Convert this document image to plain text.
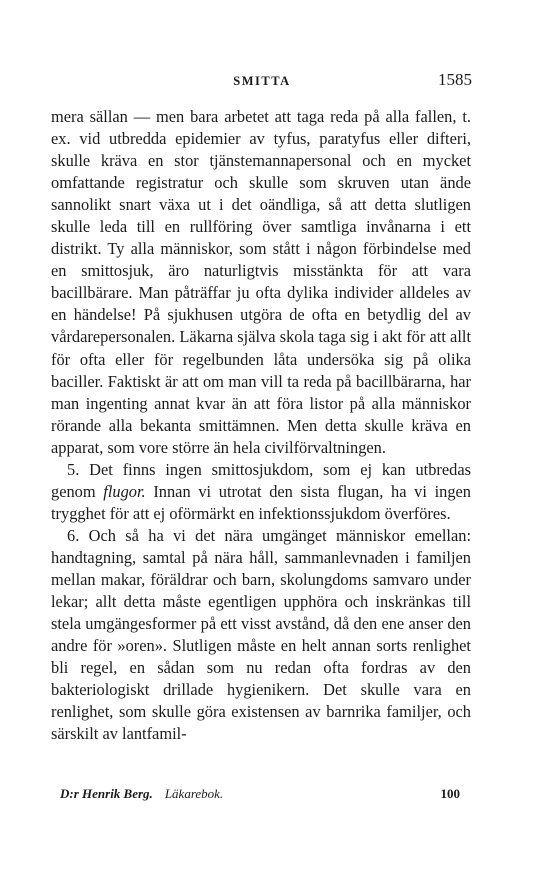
SMITTA	1585

mera sällan — men bara arbetet att taga reda på alla fallen, t. ex. vid utbredda epidemier av tyfus, paratyfus eller difteri, skulle kräva en stor tjänstemannapersonal och en mycket omfattande registratur och skulle som skruven utan ände sannolikt snart växa ut i det oändliga, så att detta slutligen skulle leda till en rullföring över samtliga invånarna i ett distrikt. Ty alla människor, som stått i någon förbindelse med en smittosjuk, äro naturligtvis misstänkta för att vara bacillbärare. Man påträffar ju ofta dylika individer alldeles av en händelse! På sjukhusen utgöra de ofta en betydlig del av vårdarepersonalen. Läkarna själva skola taga sig i akt för att allt för ofta eller för regelbunden låta undersöka sig på olika baciller. Faktiskt är att om man vill ta reda på bacillbärarna, har man ingenting annat kvar än att föra listor på alla människor rörande alla bekanta smittämnen. Men detta skulle kräva en apparat, som vore större än hela civilförvaltningen.

5. Det finns ingen smittosjukdom, som ej kan utbredas genom flugor. Innan vi utrotat den sista flugan, ha vi ingen trygghet för att ej oförmärkt en infektionssjukdom överföres.

6. Och så ha vi det nära umgänget människor emellan: handtagning, samtal på nära håll, sammanlevnaden i familjen mellan makar, föräldrar och barn, skolungdoms samvaro under lekar; allt detta måste egentligen upphöra och inskränkas till stela umgängesformer på ett visst avstånd, då den ene anser den andre för »oren». Slutligen måste en helt annan sorts renlighet bli regel, en sådan som nu redan ofta fordras av den bakteriologiskt drillade hygienikern. Det skulle vara en renlighet, som skulle göra existensen av barnrika familjer, och särskilt av lantfamil-

D:r Henrik Berg. Läkarebok.	100
